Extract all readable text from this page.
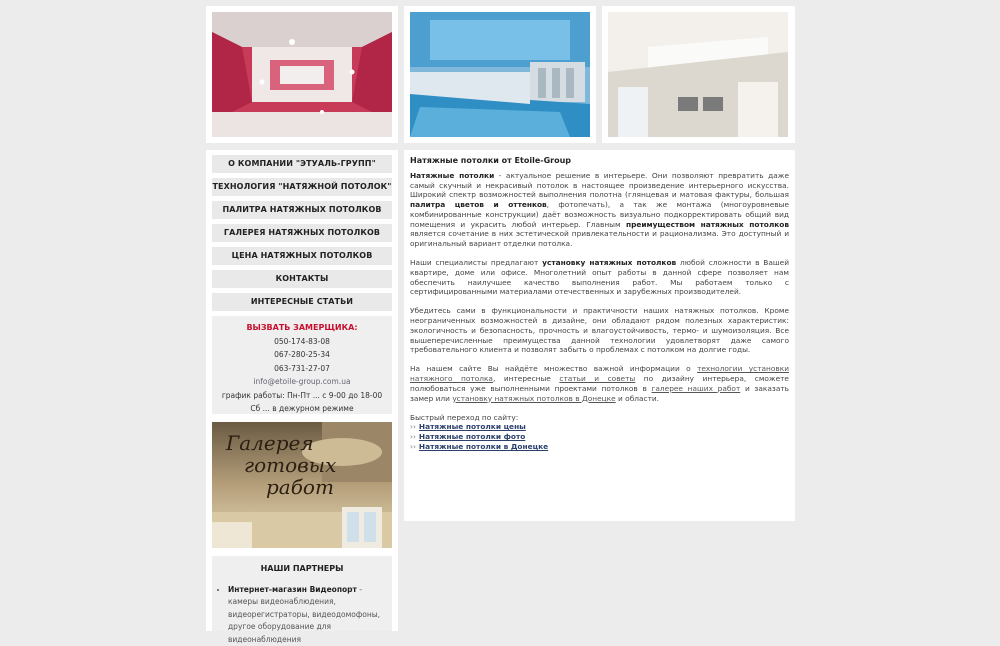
О КОМПАНИИ "ЭТУАЛЬ-ГРУПП"
ТЕХНОЛОГИЯ "НАТЯЖНОЙ ПОТОЛОК"
ПАЛИТРА НАТЯЖНЫХ ПОТОЛКОВ
ГАЛЕРЕЯ НАТЯЖНЫХ ПОТОЛКОВ
ЦЕНА НАТЯЖНЫХ ПОТОЛКОВ
КОНТАКТЫ
ИНТЕРЕСНЫЕ СТАТЬИ
ВЫЗВАТЬ ЗАМЕРЩИКА:
050-174-83-08
067-280-25-34
063-731-27-07
info@etoile-group.com.ua
график работы: Пн-Пт ... с 9-00 до 18-00
Сб ... в дежурном режиме
Галерея
готовых
работ
НАШИ ПАРТНЕРЫ
• Интернет-магазин Видеопорт - камеры видеонаблюдения, видеорегистраторы, видеодомофоны, другое оборудование для видеонаблюдения
Натяжные потолки от Etoile-Group

Натяжные потолки - актуальное решение в интерьере. Они позволяют превратить даже самый скучный и некрасивый потолок в настоящее произведение интерьерного искусства. Широкий спектр возможностей выполнения полотна (глянцевая и матовая фактуры, большая палитра цветов и оттенков, фотопечать), а так же монтажа (многоуровневые комбинированные конструкции) даёт возможность визуально подкорректировать общий вид помещения и украсить любой интерьер. Главным преимуществом натяжных потолков является сочетание в них эстетической привлекательности и рационализма. Это доступный и оригинальный вариант отделки потолка.

Наши специалисты предлагают установку натяжных потолков любой сложности в Вашей квартире, доме или офисе. Многолетний опыт работы в данной сфере позволяет нам обеспечить наилучшее качество выполнения работ. Мы работаем только с сертифицированными материалами отечественных и зарубежных производителей.

Убедитесь сами в функциональности и практичности наших натяжных потолков. Кроме неограниченных возможностей в дизайне, они обладают рядом полезных характеристик: экологичность и безопасность, прочность и влагоустойчивость, термо- и шумоизоляция. Все вышеперечисленные преимущества данной технологии удовлетворят даже самого требовательного клиента и позволят забыть о проблемах с потолком на долгие годы.

На нашем сайте Вы найдёте множество важной информации о технологии установки натяжного потолка, интересные статьи и советы по дизайну интерьера, сможете полюбоваться уже выполненными проектами потолков в галерее наших работ и заказать замер или установку натяжных потолков в Донецке и области.

Быстрый переход по сайту:
›› Натяжные потолки цены
›› Натяжные потолки фото
›› Натяжные потолки в Донецке
